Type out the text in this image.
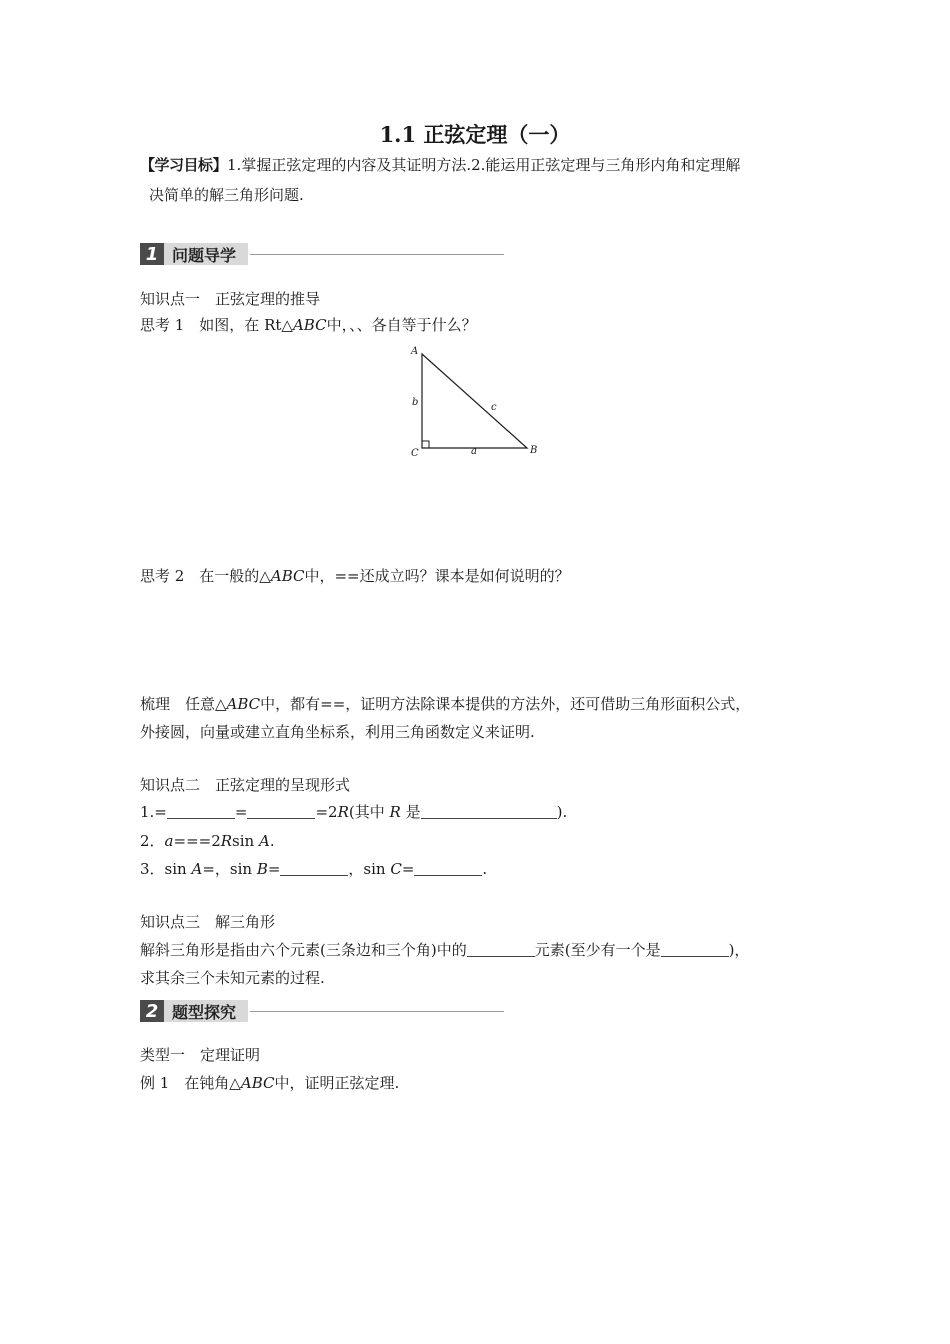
1.1 正弦定理（一）
【学习目标】1.掌握正弦定理的内容及其证明方法.2.能运用正弦定理与三角形内角和定理解
决简单的解三角形问题.
1 问题导学
知识点一　正弦定理的推导
思考 1　如图，在 Rt△ABC中，、、各自等于什么？
A
C	B
b	c
a
思考 2　在一般的△ABC中，==还成立吗？课本是如何说明的？
梳理　任意△ABC中，都有==，证明方法除课本提供的方法外，还可借助三角形面积公式，
外接圆，向量或建立直角坐标系，利用三角函数定义来证明.
知识点二　正弦定理的呈现形式
1.=	=	=2R(其中 R 是	).
2．a===2Rsin A.
3．sin A=，sin B=	，sin C=	.
知识点三　解三角形
解斜三角形是指由六个元素(三条边和三个角)中的	元素(至少有一个是	)，
求其余三个未知元素的过程.
2 题型探究
类型一　定理证明
例 1　在钝角△ABC中，证明正弦定理.
